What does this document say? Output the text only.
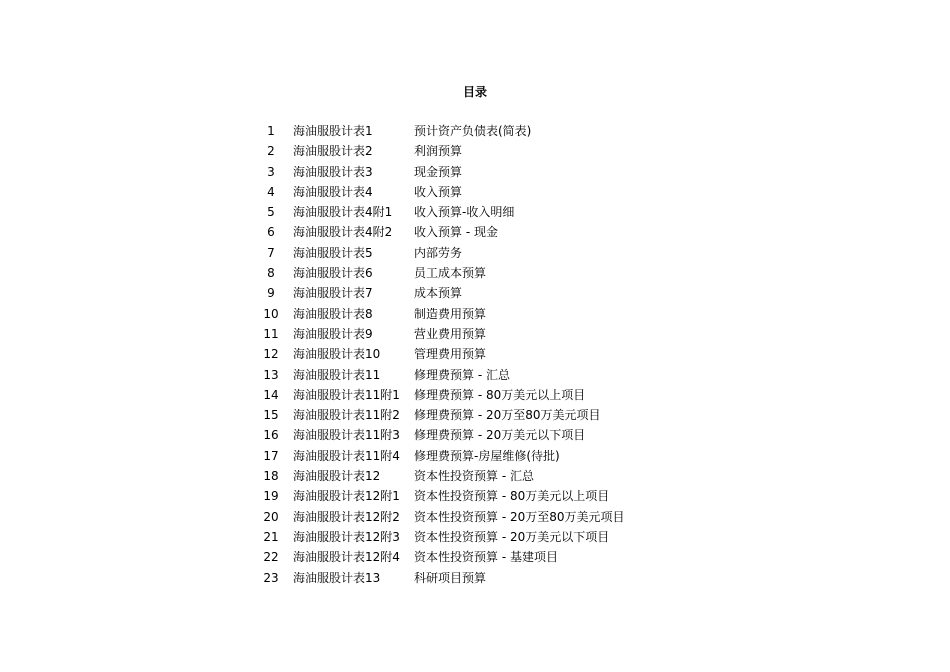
目录
1	海油服股计表1	预计资产负债表(简表)
2	海油服股计表2	利润预算
3	海油服股计表3	现金预算
4	海油服股计表4	收入预算
5	海油服股计表4附1	收入预算-收入明细
6	海油服股计表4附2	收入预算 - 现金
7	海油服股计表5	内部劳务
8	海油服股计表6	员工成本预算
9	海油服股计表7	成本预算
10	海油服股计表8	制造费用预算
11	海油服股计表9	营业费用预算
12	海油服股计表10	管理费用预算
13	海油服股计表11	修理费预算 - 汇总
14	海油服股计表11附1	修理费预算 - 80万美元以上项目
15	海油服股计表11附2	修理费预算 - 20万至80万美元项目
16	海油服股计表11附3	修理费预算 - 20万美元以下项目
17	海油服股计表11附4	修理费预算-房屋维修(待批)
18	海油服股计表12	资本性投资预算 - 汇总
19	海油服股计表12附1	资本性投资预算 - 80万美元以上项目
20	海油服股计表12附2	资本性投资预算 - 20万至80万美元项目
21	海油服股计表12附3	资本性投资预算 - 20万美元以下项目
22	海油服股计表12附4	资本性投资预算 - 基建项目
23	海油服股计表13	科研项目预算
